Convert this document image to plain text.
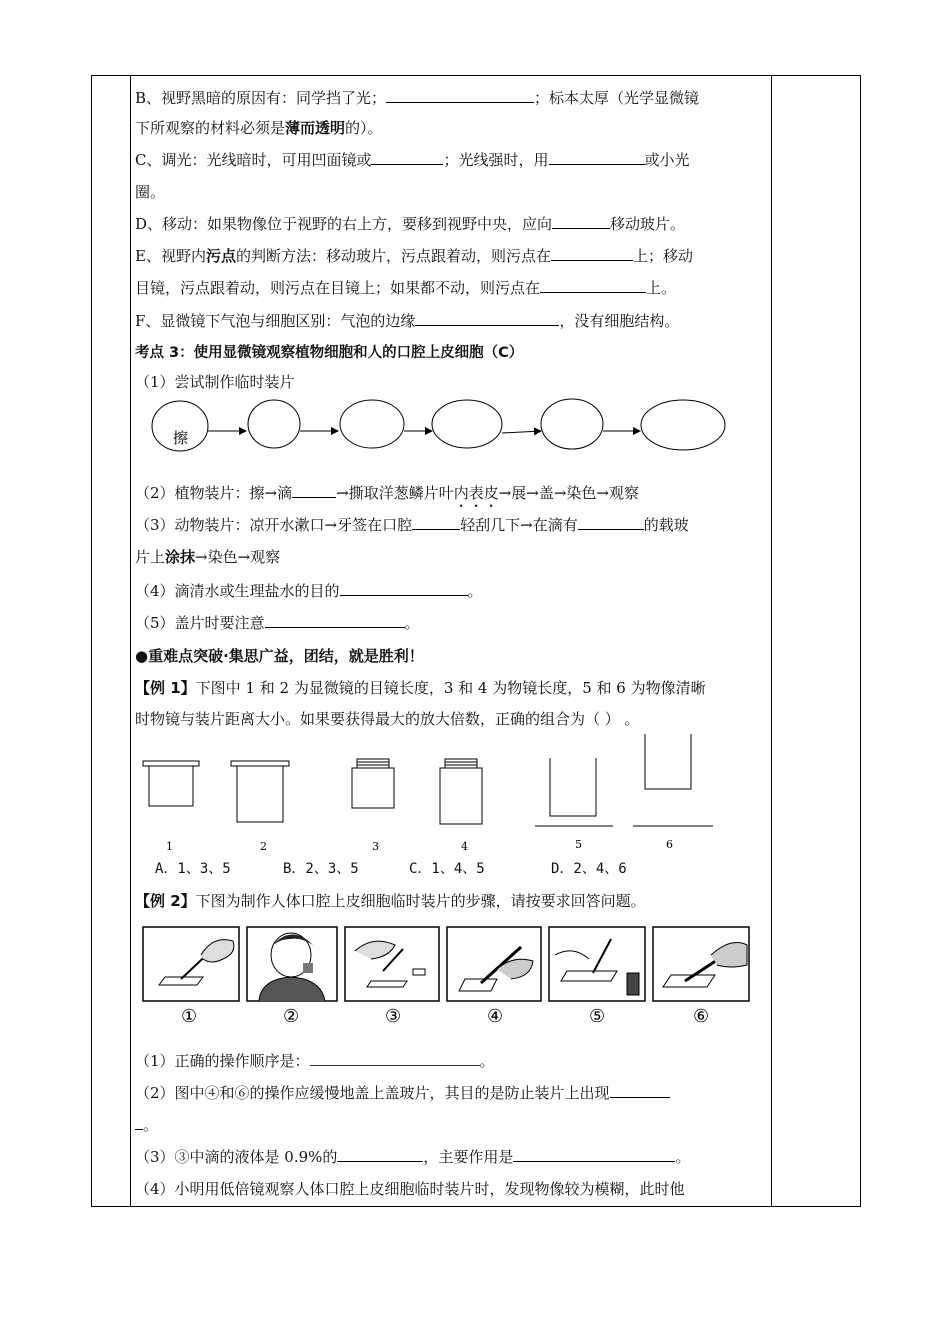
B、视野黑暗的原因有：同学挡了光；	；标本太厚（光学显微镜
下所观察的材料必须是薄而透明的）。
C、调光：光线暗时，可用凹面镜或	；光线强时，用	或小光
圈。
D、移动：如果物像位于视野的右上方，要移到视野中央，应向	移动玻片。
E、视野内污点的判断方法：移动玻片，污点跟着动，则污点在	上；移动
目镜，污点跟着动，则污点在目镜上；如果都不动，则污点在	上。
F、显微镜下气泡与细胞区别：气泡的边缘	，没有细胞结构。
考点 3：使用显微镜观察植物细胞和人的口腔上皮细胞（C）
（1）尝试制作临时装片
擦
（2）植物装片：擦→滴	→撕取洋葱鳞片叶内表皮→展→盖→染色→观察
（3）动物装片：凉开水漱口→牙签在口腔	轻刮几下→在滴有	的载玻
片上涂抹→染色→观察
（4）滴清水或生理盐水的目的	。
（5）盖片时要注意	。
●重难点突破·集思广益，团结，就是胜利！
【例 1】下图中 1 和 2 为显微镜的目镜长度，3 和 4 为物镜长度，5 和 6 为物像清晰
时物镜与装片距离大小。如果要获得最大的放大倍数，正确的组合为（ ） 。
1	2	3	4	5	6
A．1、3、5	B．2、3、5	C．1、4、5	D．2、4、6
【例 2】下图为制作人体口腔上皮细胞临时装片的步骤，请按要求回答问题。
①	②	③	④	⑤	⑥
（1）正确的操作顺序是：	。
（2）图中④和⑥的操作应缓慢地盖上盖玻片，其目的是防止装片上出现
。
（3）③中滴的液体是 0.9%的	，主要作用是	。
（4）小明用低倍镜观察人体口腔上皮细胞临时装片时，发现物像较为模糊，此时他
